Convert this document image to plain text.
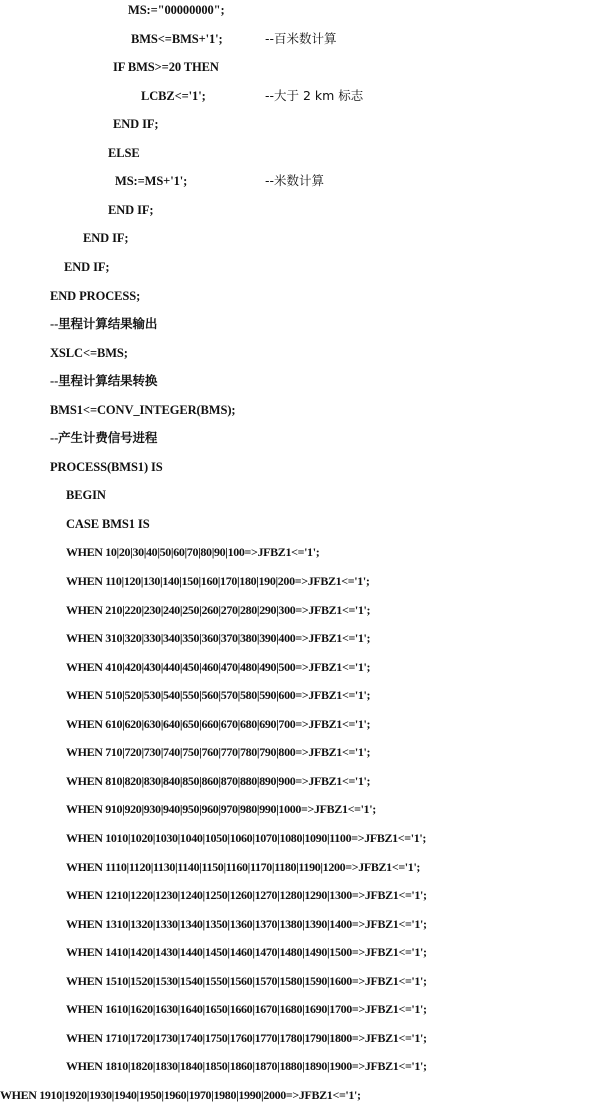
MS:="00000000";
BMS<=BMS+'1';	--百米数计算
IF BMS>=20 THEN
LCBZ<='1';	--大于 2 km 标志
END IF;
ELSE
MS:=MS+'1';	--米数计算
END IF;
END IF;
END IF;
END PROCESS;
--里程计算结果输出
XSLC<=BMS;
--里程计算结果转换
BMS1<=CONV_INTEGER(BMS);
--产生计费信号进程
PROCESS(BMS1) IS
BEGIN
CASE BMS1 IS
WHEN 10|20|30|40|50|60|70|80|90|100=>JFBZ1<='1';
WHEN 110|120|130|140|150|160|170|180|190|200=>JFBZ1<='1';
WHEN 210|220|230|240|250|260|270|280|290|300=>JFBZ1<='1';
WHEN 310|320|330|340|350|360|370|380|390|400=>JFBZ1<='1';
WHEN 410|420|430|440|450|460|470|480|490|500=>JFBZ1<='1';
WHEN 510|520|530|540|550|560|570|580|590|600=>JFBZ1<='1';
WHEN 610|620|630|640|650|660|670|680|690|700=>JFBZ1<='1';
WHEN 710|720|730|740|750|760|770|780|790|800=>JFBZ1<='1';
WHEN 810|820|830|840|850|860|870|880|890|900=>JFBZ1<='1';
WHEN 910|920|930|940|950|960|970|980|990|1000=>JFBZ1<='1';
WHEN 1010|1020|1030|1040|1050|1060|1070|1080|1090|1100=>JFBZ1<='1';
WHEN 1110|1120|1130|1140|1150|1160|1170|1180|1190|1200=>JFBZ1<='1';
WHEN 1210|1220|1230|1240|1250|1260|1270|1280|1290|1300=>JFBZ1<='1';
WHEN 1310|1320|1330|1340|1350|1360|1370|1380|1390|1400=>JFBZ1<='1';
WHEN 1410|1420|1430|1440|1450|1460|1470|1480|1490|1500=>JFBZ1<='1';
WHEN 1510|1520|1530|1540|1550|1560|1570|1580|1590|1600=>JFBZ1<='1';
WHEN 1610|1620|1630|1640|1650|1660|1670|1680|1690|1700=>JFBZ1<='1';
WHEN 1710|1720|1730|1740|1750|1760|1770|1780|1790|1800=>JFBZ1<='1';
WHEN 1810|1820|1830|1840|1850|1860|1870|1880|1890|1900=>JFBZ1<='1';
WHEN 1910|1920|1930|1940|1950|1960|1970|1980|1990|2000=>JFBZ1<='1';
